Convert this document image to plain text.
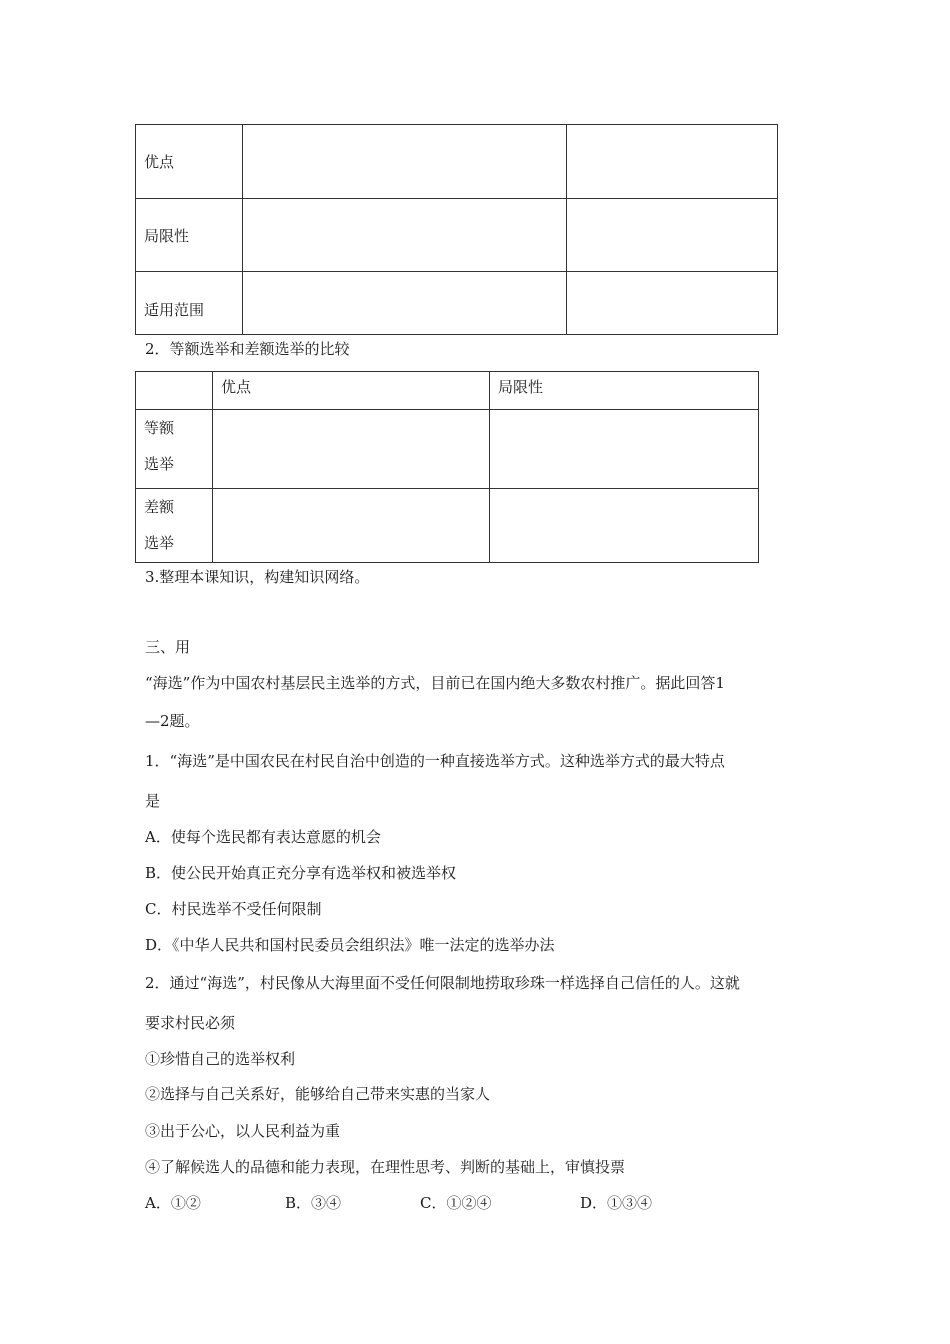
优点		
局限性		
适用范围		
2．等额选举和差额选举的比较
	优点	局限性

等额
选举		

差额
选举		

3.整理本课知识，构建知识网络。
三、用
“海选”作为中国农村基层民主选举的方式，目前已在国内绝大多数农村推广。据此回答1
—2题。
1．“海选”是中国农民在村民自治中创造的一种直接选举方式。这种选举方式的最大特点
是
A．使每个选民都有表达意愿的机会
B．使公民开始真正充分享有选举权和被选举权
C．村民选举不受任何限制
D．《中华人民共和国村民委员会组织法》唯一法定的选举办法
2．通过“海选”，村民像从大海里面不受任何限制地捞取珍珠一样选择自己信任的人。这就
要求村民必须
①珍惜自己的选举权利
②选择与自己关系好，能够给自己带来实惠的当家人
③出于公心，以人民利益为重
④了解候选人的品德和能力表现，在理性思考、判断的基础上，审慎投票
A．①②	B．③④	C．①②④	D．①③④
